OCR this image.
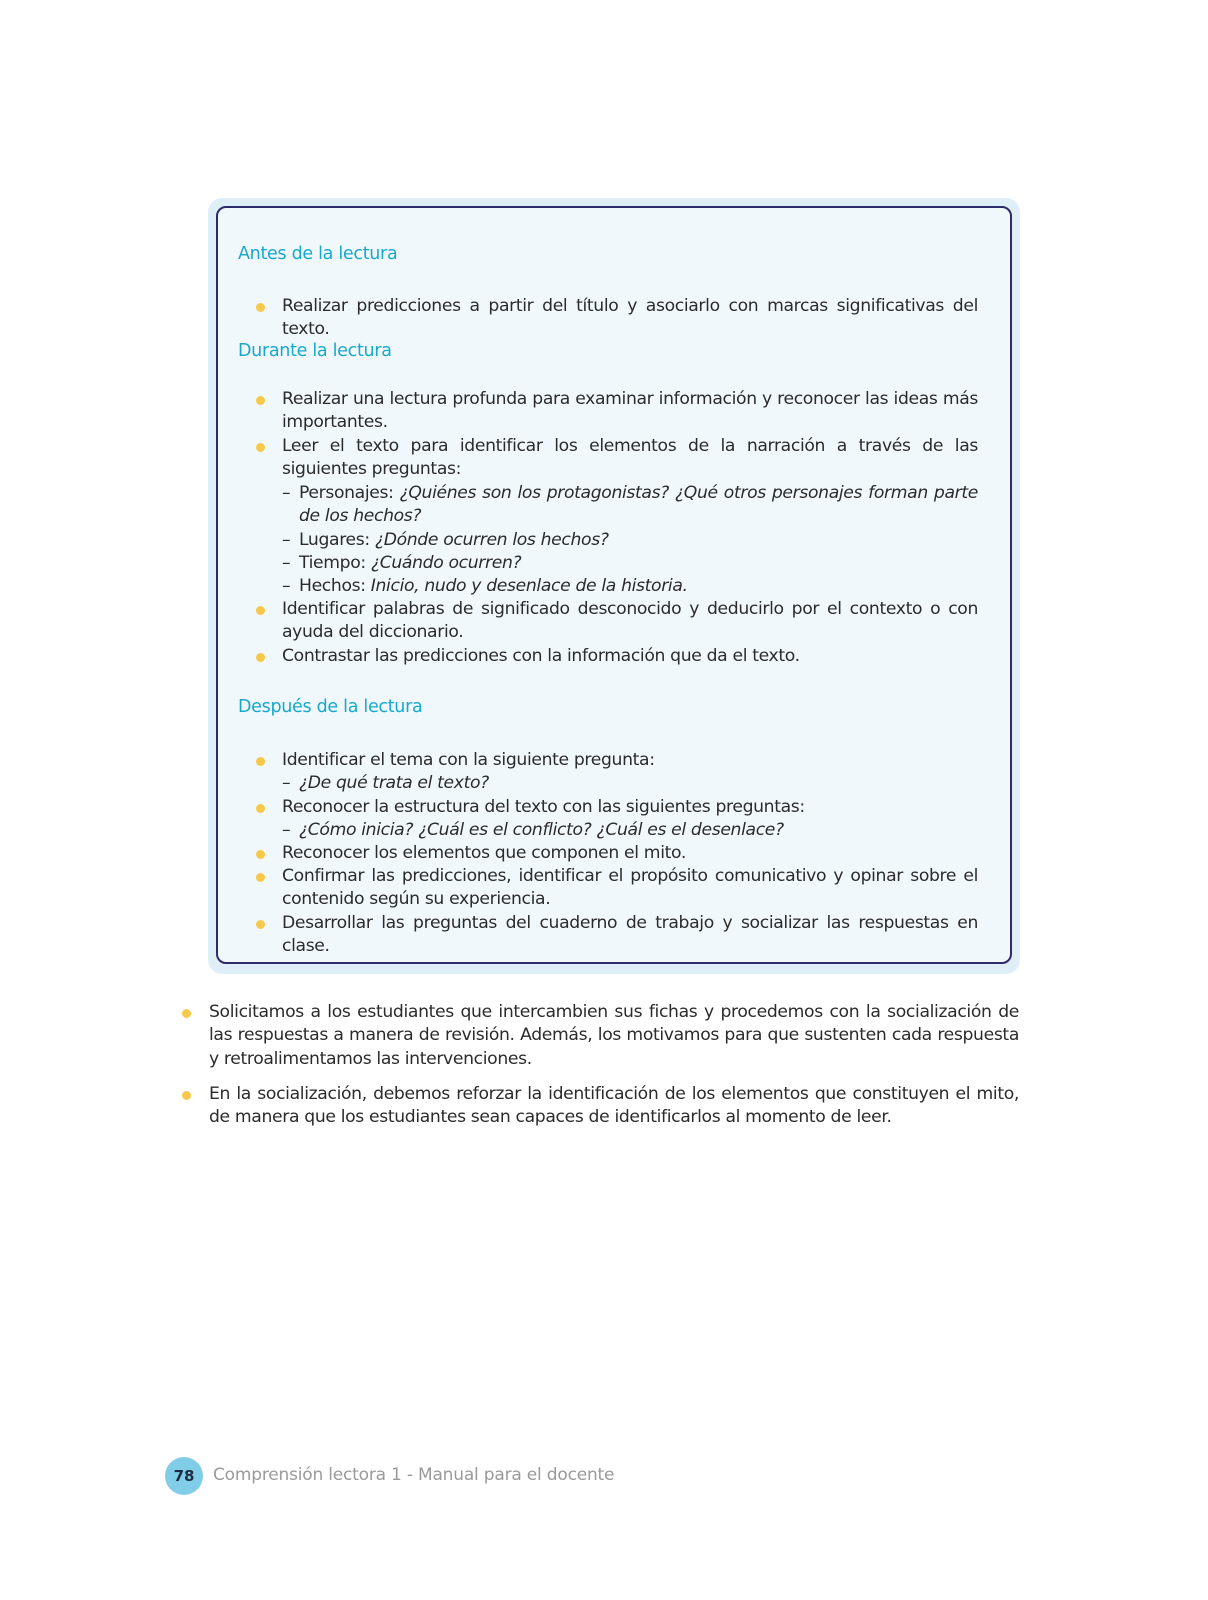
Antes de la lectura
Realizar predicciones a partir del título y asociarlo con marcas significativas del texto.
Durante la lectura
Realizar una lectura profunda para examinar información y reconocer las ideas más importantes.
Leer el texto para identificar los elementos de la narración a través de las siguientes preguntas:
– Personajes: ¿Quiénes son los protagonistas? ¿Qué otros personajes forman parte de los hechos?
– Lugares: ¿Dónde ocurren los hechos?
– Tiempo: ¿Cuándo ocurren?
– Hechos: Inicio, nudo y desenlace de la historia.
Identificar palabras de significado desconocido y deducirlo por el contexto o con ayuda del diccionario.
Contrastar las predicciones con la información que da el texto.
Después de la lectura
Identificar el tema con la siguiente pregunta:
– ¿De qué trata el texto?
Reconocer la estructura del texto con las siguientes preguntas:
– ¿Cómo inicia? ¿Cuál es el conflicto? ¿Cuál es el desenlace?
Reconocer los elementos que componen el mito.
Confirmar las predicciones, identificar el propósito comunicativo y opinar sobre el contenido según su experiencia.
Desarrollar las preguntas del cuaderno de trabajo y socializar las respuestas en clase.
Solicitamos a los estudiantes que intercambien sus fichas y procedemos con la socialización de las respuestas a manera de revisión. Además, los motivamos para que sustenten cada respuesta y retroalimentamos las intervenciones.
En la socialización, debemos reforzar la identificación de los elementos que constituyen el mito, de manera que los estudiantes sean capaces de identificarlos al momento de leer.
78	Comprensión lectora 1 - Manual para el docente
